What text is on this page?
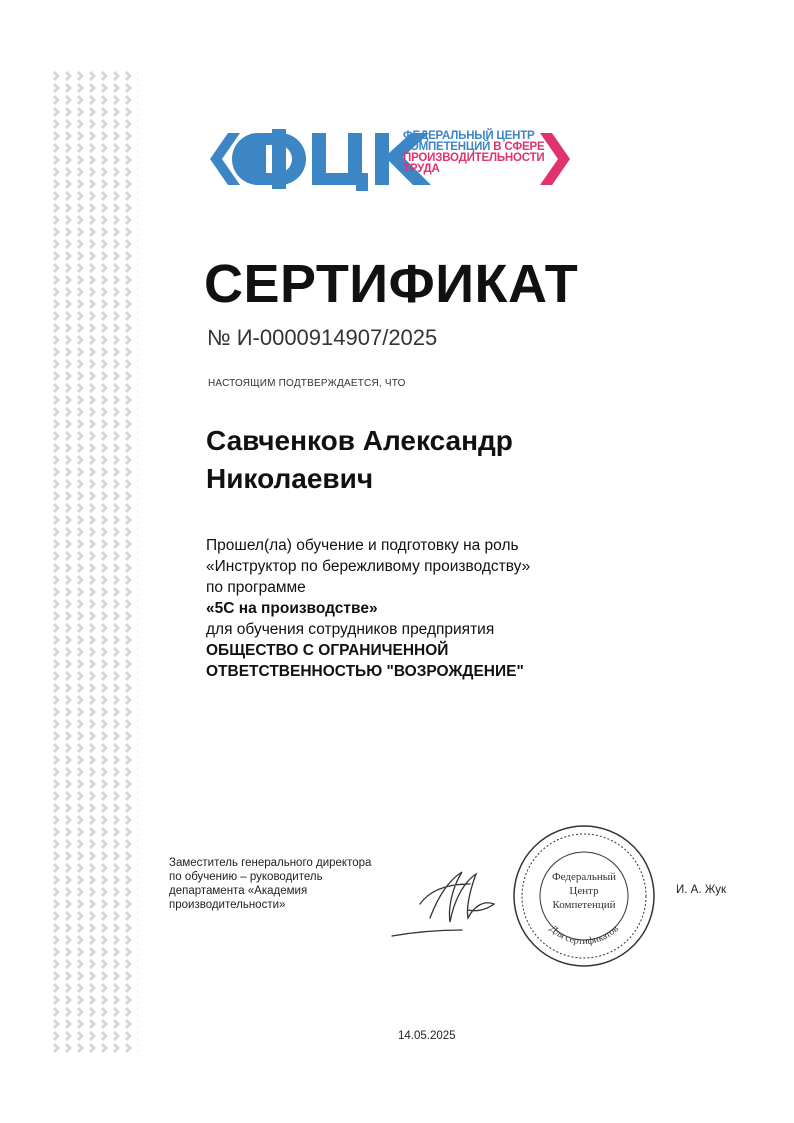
ФЕДЕРАЛЬНЫЙ ЦЕНТР
КОМПЕТЕНЦИЙ В СФЕРЕ
ПРОИЗВОДИТЕЛЬНОСТИ
ТРУДА
СЕРТИФИКАТ
№ И-0000914907/2025
НАСТОЯЩИМ ПОДТВЕРЖДАЕТСЯ, ЧТО
Савченков Александр
Николаевич
Прошел(ла) обучение и подготовку на роль
«Инструктор по бережливому производству»
по программе
«5С на производстве»
для обучения сотрудников предприятия
ОБЩЕСТВО С ОГРАНИЧЕННОЙ
ОТВЕТСТВЕННОСТЬЮ "ВОЗРОЖДЕНИЕ"
Заместитель генерального директора
по обучению – руководитель
департамента «Академия
производительности»
Федеральный
Центр
Компетенций
Для сертификатов
И. А. Жук
14.05.2025
